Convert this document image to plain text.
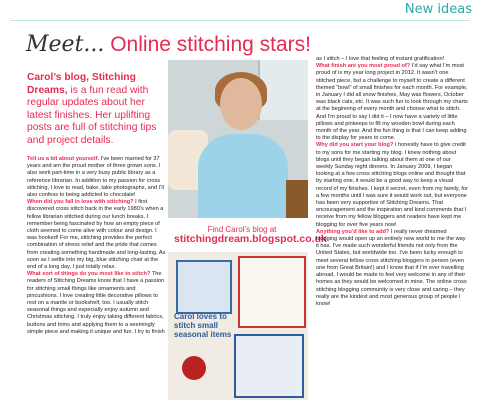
New ideas
Meet... Online stitching stars!
Carol’s blog, Stitching Dreams, is a fun read with regular updates about her latest finishes. Her uplifting posts are full of stitching tips and project details.
Tell us a bit about yourself. I’ve been married for 37 years and am the proud mother of three grown sons. I also work part-time in a very busy public library as a reference librarian. In addition to my passion for cross stitching, I love to read, bake, take photographs, and I’ll also confess to being addicted to chocolate!
When did you fall in love with stitching? I first discovered cross stitch back in the early 1980’s when a fellow librarian stitched during our lunch breaks. I remember being fascinated by how an empty piece of cloth seemed to come alive with colour and design. I was hooked! For me, stitching provides the perfect combination of stress relief and the pride that comes from creating something handmade and long-lasting. As soon as I settle into my big, blue stitching chair at the end of a long day, I just totally relax.
What sort of things do you most like to stitch? The readers of Stitching Dreams know that I have a passion for stitching small things like ornaments and pincushions. I love creating little decorative pillows to rest on a mantle or bookshelf, too. I usually stitch seasonal things and especially enjoy autumn and Christmas stitching. I truly enjoy taking different fabrics, buttons and trims and applying them to a seemingly simple piece and making it unique and fun. I try to finish
Find Carol’s blog at
stitchingdream.blogspot.co.uk
Carol loves to stitch small seasonal items
as I stitch – I love that feeling of instant gratification!
What finish are you most proud of? I’d say what I’m most proud of is my year long project in 2012. It wasn’t one stitched piece, but a challenge to myself to create a different themed “bowl” of small finishes for each month. For example, in January I did all snow finishes, May was flowers, October was black cats, etc. It was such fun to look through my charts at the beginning of every month and choose what to stitch. And I’m proud to say I did it – I now have a variety of little pillows and pinkeeps to fill my wooden bowl during each month of the year. And the fun thing is that I can keep adding to the display for years to come.
Why did you start your blog? I honestly have to give credit to my sons for me starting my blog. I knew nothing about blogs until they began talking about them at one of our weekly Sunday night dinners. In January 2009, I began looking at a few cross stitching blogs online and thought that by starting one, it would be a good way to keep a visual record of my finishes. I kept it secret, even from my family, for a few months until I was sure it would work out, but everyone has been very supportive of Stitching Dreams. That encouragement and the inspiration and kind comments that I receive from my fellow bloggers and readers have kept me blogging for over five years now!
Anything you’d like to add? I really never dreamed blogging would open up an entirely new world to me the way it has. I’ve made such wonderful friends not only from the United States, but worldwide too. I’ve been lucky enough to meet several fellow cross stitching bloggers in person (even one from Great Britain!) and I know that if I’m ever travelling abroad, I would be made to feel very welcome in any of their homes as they would be welcomed in mine. The online cross stitching blogging community is very close and caring – they really are the kindest and most generous group of people I know!
